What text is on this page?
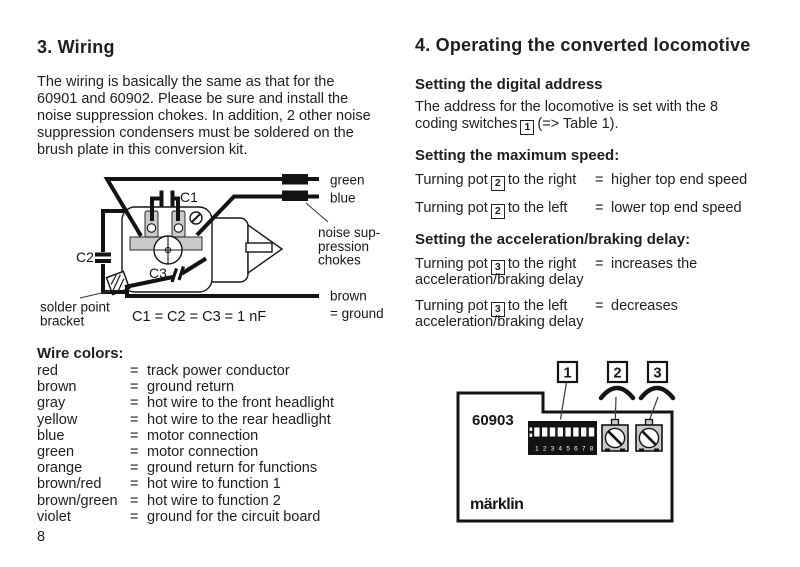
3. Wiring
The wiring is basically the same as that for the
60901 and 60902. Please be sure and install the
noise suppression chokes. In addition, 2 other noise
suppression condensers must be soldered on the
brush plate in this conversion kit.
C1
C2
C3
C1 = C2 = C3 = 1 nF
solder point
bracket
green
blue
noise sup-
pression
chokes
brown
= ground
Wire colors:
red	= track power conductor
brown	= ground return
gray	= hot wire to the front headlight
yellow	= hot wire to the rear headlight
blue	= motor connection
green	= motor connection
orange	= ground return for functions
brown/red = hot wire to function 1
brown/green = hot wire to function 2
violet	= ground for the circuit board
8
4. Operating the converted locomotive
Setting the digital address
The address for the locomotive is set with the 8
coding switches 1 (=> Table 1).
Setting the maximum speed:
Turning pot 2 to the right = higher top end speed
Turning pot 2 to the left = lower top end speed
Setting the acceleration/braking delay:
Turning pot 3 to the right = increases the
acceleration/braking delay
Turning pot 3 to the left = decreases
acceleration/braking delay
60903
1 2 3 4 5 6 7 8
1	2 3
märklin
